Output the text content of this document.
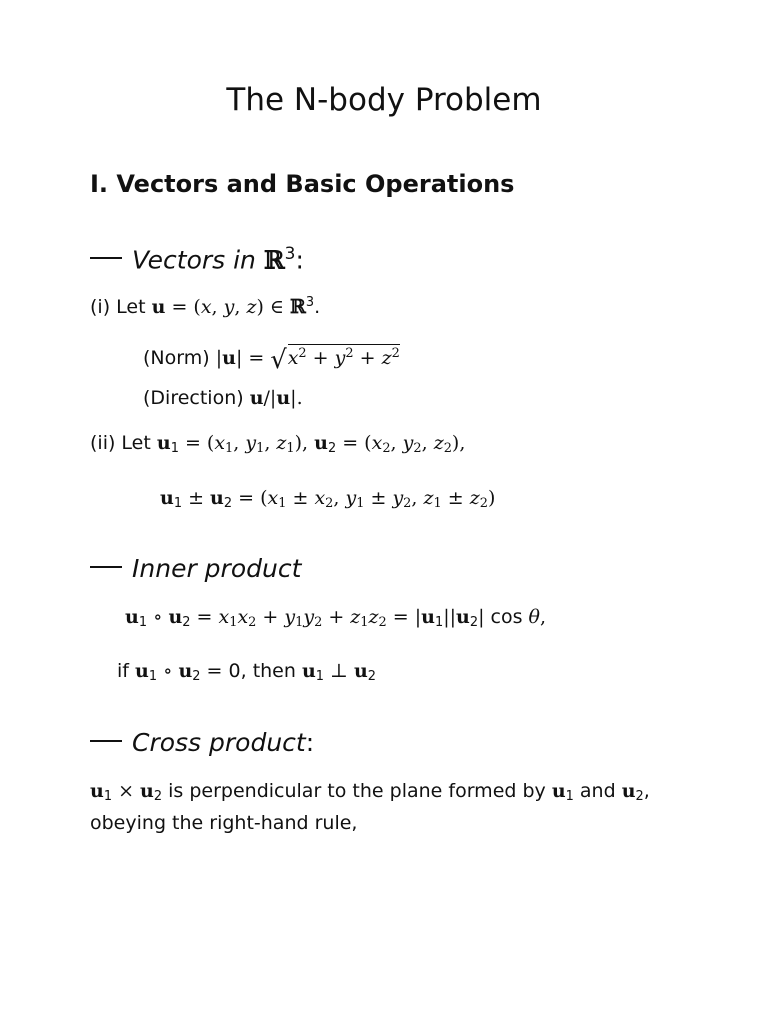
The N-body Problem
I. Vectors and Basic Operations
Vectors in ℝ$^3$:
(i) Let u = (x, y, z) ∈ ℝ$^3$.
(Norm) $|u| = √x^2 + y^2 + z^2$
(Direction) u/|u|.
(ii) Let $u_1 = (x_1$, $y_1$, $z_1$), $u_2 = (x_2$, $y_2$, $z_2$),
$u_1 \pm u_2 = (x_1 \pm x_2$, $y_1 \pm y_2$, $z_1 \pm z_2$)
Inner product
$u_1$ ∘ $u_2 = x_1x_2 + y_1y_2 + z_1z_2 = |u_1||u_2|$ cos θ,
if $u_1$ ∘ $u_2 = 0$, then $u_1$ ⊥ $u_2$
Cross product:
$u_1 \times u_2$ is perpendicular to the plane formed by $u_1$ and $u_2$, obeying the right-hand rule,
